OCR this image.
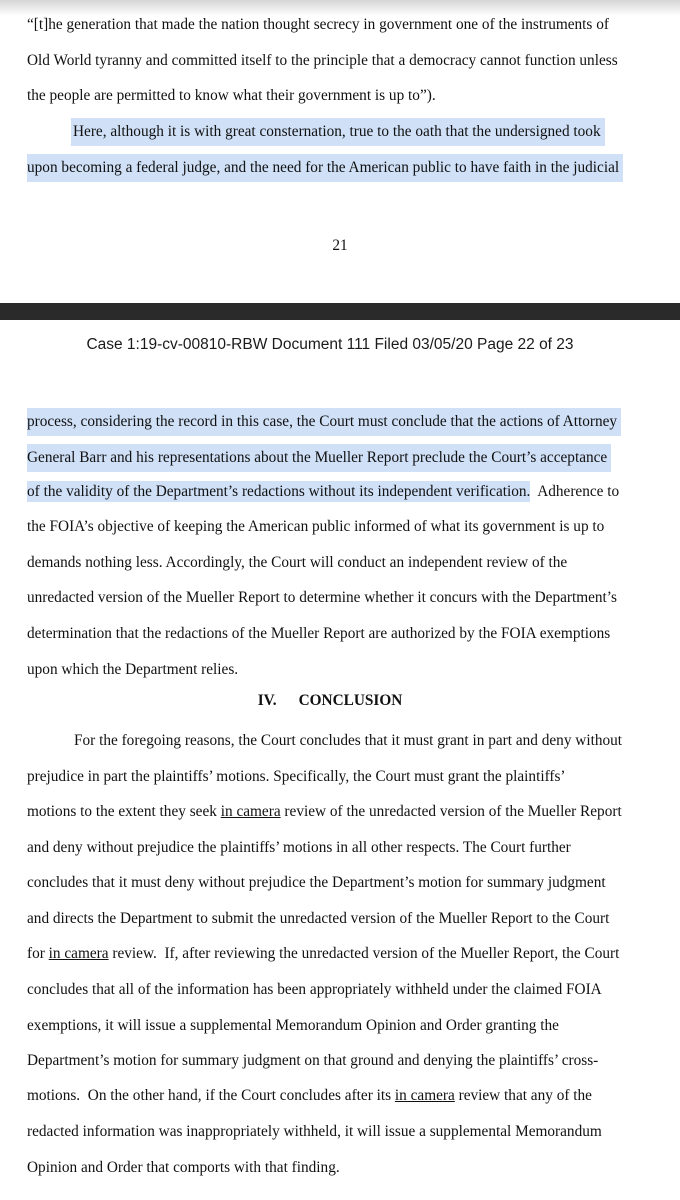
“[t]he generation that made the nation thought secrecy in government one of the instruments of
Old World tyranny and committed itself to the principle that a democracy cannot function unless
the people are permitted to know what their government is up to”).
Here, although it is with great consternation, true to the oath that the undersigned took
upon becoming a federal judge, and the need for the American public to have faith in the judicial
21
Case 1:19-cv-00810-RBW Document 111 Filed 03/05/20 Page 22 of 23
process, considering the record in this case, the Court must conclude that the actions of Attorney
General Barr and his representations about the Mueller Report preclude the Court’s acceptance
of the validity of the Department’s redactions without its independent verification.  Adherence to
the FOIA’s objective of keeping the American public informed of what its government is up to
demands nothing less. Accordingly, the Court will conduct an independent review of the
unredacted version of the Mueller Report to determine whether it concurs with the Department’s
determination that the redactions of the Mueller Report are authorized by the FOIA exemptions
upon which the Department relies.
IV. CONCLUSION
For the foregoing reasons, the Court concludes that it must grant in part and deny without
prejudice in part the plaintiffs’ motions. Specifically, the Court must grant the plaintiffs’
motions to the extent they seek in camera review of the unredacted version of the Mueller Report
and deny without prejudice the plaintiffs’ motions in all other respects. The Court further
concludes that it must deny without prejudice the Department’s motion for summary judgment
and directs the Department to submit the unredacted version of the Mueller Report to the Court
for in camera review.  If, after reviewing the unredacted version of the Mueller Report, the Court
concludes that all of the information has been appropriately withheld under the claimed FOIA
exemptions, it will issue a supplemental Memorandum Opinion and Order granting the
Department’s motion for summary judgment on that ground and denying the plaintiffs’ cross-
motions.  On the other hand, if the Court concludes after its in camera review that any of the
redacted information was inappropriately withheld, it will issue a supplemental Memorandum
Opinion and Order that comports with that finding.
